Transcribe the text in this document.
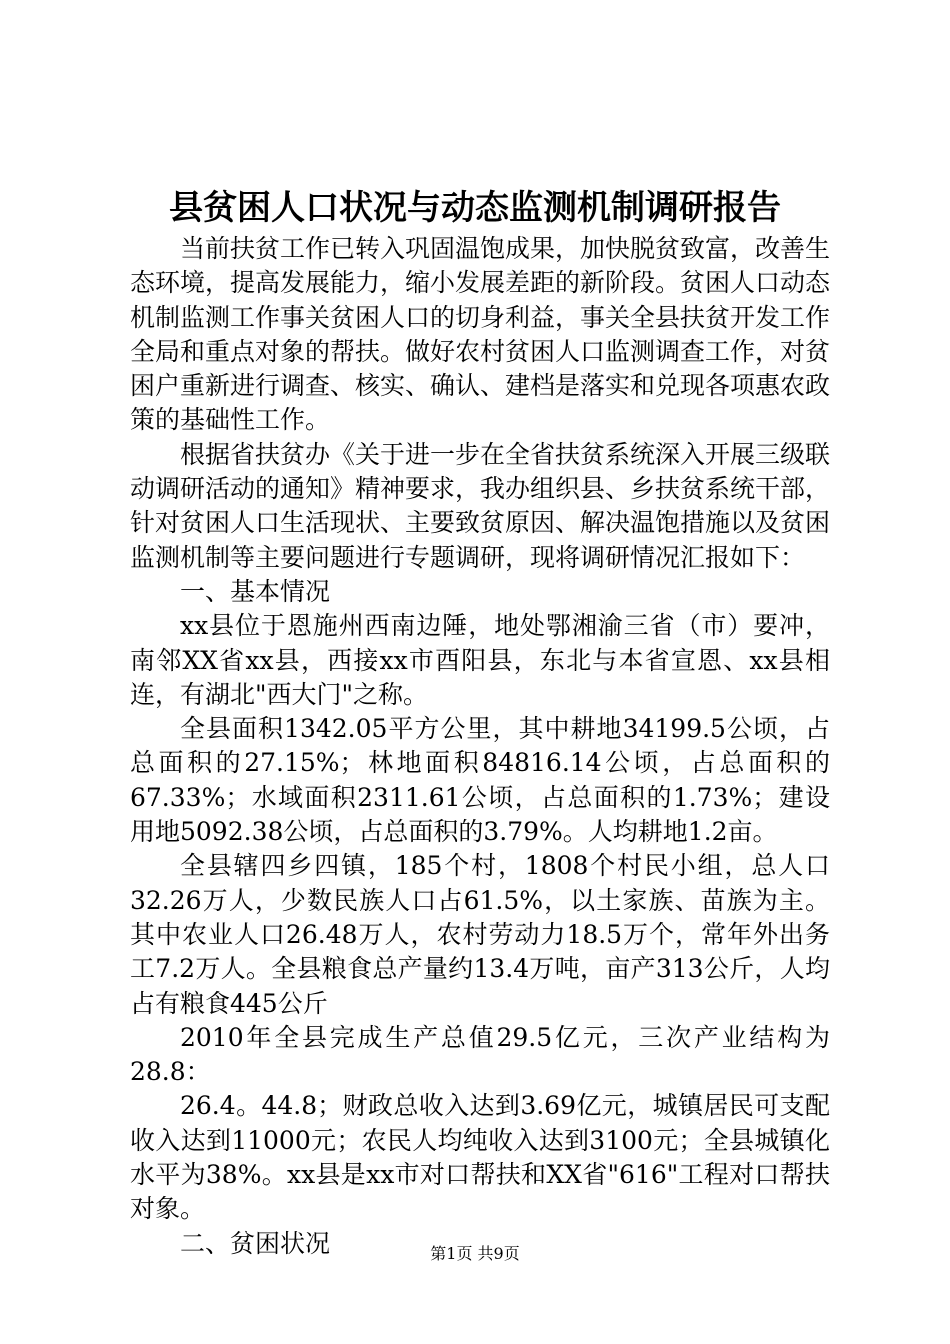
县贫困人口状况与动态监测机制调研报告

当前扶贫工作已转入巩固温饱成果，加快脱贫致富，改善生态环境，提高发展能力，缩小发展差距的新阶段。贫困人口动态机制监测工作事关贫困人口的切身利益，事关全县扶贫开发工作全局和重点对象的帮扶。做好农村贫困人口监测调查工作，对贫困户重新进行调查、核实、确认、建档是落实和兑现各项惠农政策的基础性工作。

根据省扶贫办《关于进一步在全省扶贫系统深入开展三级联动调研活动的通知》精神要求，我办组织县、乡扶贫系统干部，针对贫困人口生活现状、主要致贫原因、解决温饱措施以及贫困监测机制等主要问题进行专题调研，现将调研情况汇报如下：

一、基本情况

xx县位于恩施州西南边陲，地处鄂湘渝三省（市）要冲，南邻XX省xx县，西接xx市酉阳县，东北与本省宣恩、xx县相连，有湖北"西大门"之称。

全县面积1342.05平方公里，其中耕地34199.5公顷，占总面积的27.15%；林地面积84816.14公顷，占总面积的67.33%；水域面积2311.61公顷，占总面积的1.73%；建设用地5092.38公顷，占总面积的3.79%。人均耕地1.2亩。

全县辖四乡四镇，185个村，1808个村民小组，总人口32.26万人，少数民族人口占61.5%，以土家族、苗族为主。其中农业人口26.48万人，农村劳动力18.5万个，常年外出务工7.2万人。全县粮食总产量约13.4万吨，亩产313公斤，人均占有粮食445公斤

2010年全县完成生产总值29.5亿元，三次产业结构为28.8：

26.4。44.8；财政总收入达到3.69亿元，城镇居民可支配收入达到11000元；农民人均纯收入达到3100元；全县城镇化水平为38%。xx县是xx市对口帮扶和XX省"616"工程对口帮扶对象。

二、贫困状况	第1页 共9页
